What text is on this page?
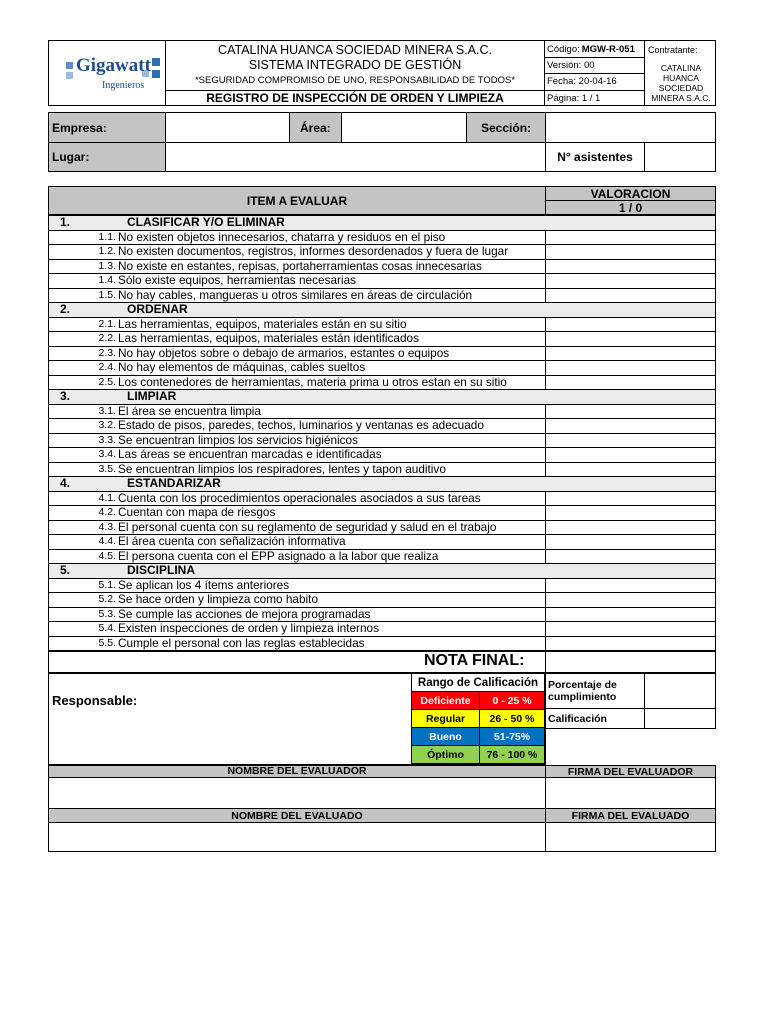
Gigawatt
Ingenieros
CATALINA HUANCA SOCIEDAD MINERA S.A.C.
SISTEMA INTEGRADO DE GESTIÓN
*SEGURIDAD COMPROMISO DE UNO, RESPONSABILIDAD DE TODOS*
REGISTRO DE INSPECCIÓN DE ORDEN Y LIMPIEZA
Código: MGW-R-051
Versión: 00
Fecha: 20-04-16
Página: 1 / 1
Contratante:
CATALINA HUANCA SOCIEDAD MINERA S.A.C.
Empresa:	Área:	Sección:
Lugar:	N° asistentes
ITEM A EVALUAR	VALORACION
1 / 0
1.	CLASIFICAR Y/O ELIMINAR
1.1. No existen objetos innecesarios, chatarra y residuos en el piso
1.2. No existen documentos, registros, informes desordenados y fuera de lugar
1.3. No existe en estantes, repisas, portaherramientas cosas innecesarias
1.4. Sólo existe equipos, herramientas necesarias
1.5. No hay cables, mangueras u otros similares en áreas de circulación
2.	ORDENAR
2.1. Las herramientas, equipos, materiales están en su sitio
2.2. Las herramientas, equipos, materiales están identificados
2.3. No hay objetos sobre o debajo de armarios, estantes o equipos
2.4. No hay elementos de máquinas, cables sueltos
2.5. Los contenedores de herramientas, materia prima u otros estan en su sitio
3.	LIMPIAR
3.1. El área se encuentra limpia
3.2. Estado de pisos, paredes, techos, luminarios y ventanas es adecuado
3.3. Se encuentran limpios los servicios higiénicos
3.4. Las áreas se encuentran marcadas e identificadas
3.5. Se encuentran limpios los respiradores, lentes y tapon auditivo
4.	ESTANDARIZAR
4.1. Cuenta con los procedimientos operacionales asociados a sus tareas
4.2. Cuentan con mapa de riesgos
4.3. El personal cuenta con su reglamento de seguridad y salud en el trabajo
4.4. El área cuenta con señalización informativa
4.5. El persona cuenta con el EPP asignado a la labor que realiza
5.	DISCIPLINA
5.1. Se aplican los 4 ítems anteriores
5.2. Se hace orden y limpieza como habito
5.3. Se cumple las acciones de mejora programadas
5.4. Existen inspecciones de orden y limpieza internos
5.5. Cumple el personal con las reglas establecidas
NOTA FINAL:
Responsable:
Rango de Calificación
Deficiente	0 - 25 %
Regular	26 - 50 %
Bueno	51-75%
Óptimo	76 - 100 %
Porcentaje de cumplimiento
Calificación
NOMBRE DEL EVALUADOR	FIRMA DEL EVALUADOR
NOMBRE DEL EVALUADO	FIRMA DEL EVALUADO
